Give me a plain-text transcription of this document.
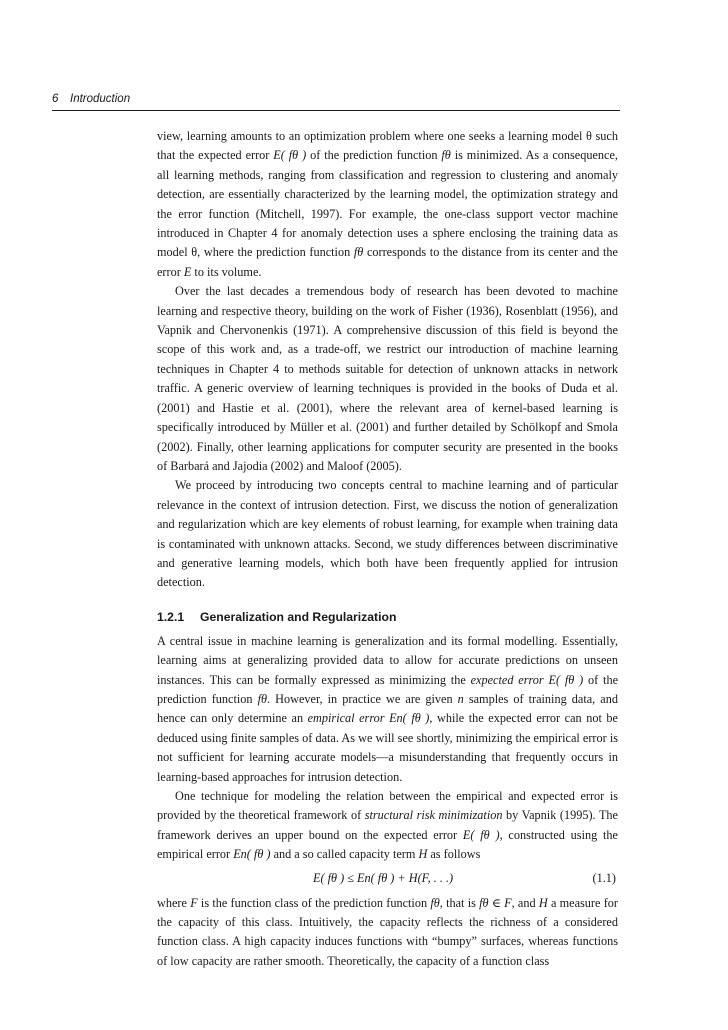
6 Introduction

view, learning amounts to an optimization problem where one seeks a learning model θ such that the expected error E( fθ ) of the prediction function fθ is minimized. As a consequence, all learning methods, ranging from classification and regression to clustering and anomaly detection, are essentially characterized by the learning model, the optimization strategy and the error function (Mitchell, 1997). For example, the one-class support vector machine introduced in Chapter 4 for anomaly detection uses a sphere enclosing the training data as model θ, where the prediction function fθ corresponds to the distance from its center and the error E to its volume.

Over the last decades a tremendous body of research has been devoted to machine learning and respective theory, building on the work of Fisher (1936), Rosenblatt (1956), and Vapnik and Chervonenkis (1971). A comprehensive discussion of this field is beyond the scope of this work and, as a trade-off, we restrict our introduction of machine learning techniques in Chapter 4 to methods suitable for detection of unknown attacks in network traffic. A generic overview of learning techniques is provided in the books of Duda et al. (2001) and Hastie et al. (2001), where the relevant area of kernel-based learning is specifically introduced by Müller et al. (2001) and further detailed by Schölkopf and Smola (2002). Finally, other learning applications for computer security are presented in the books of Barbará and Jajodia (2002) and Maloof (2005).

We proceed by introducing two concepts central to machine learning and of particular relevance in the context of intrusion detection. First, we discuss the notion of generalization and regularization which are key elements of robust learning, for example when training data is contaminated with unknown attacks. Second, we study differences between discriminative and generative learning models, which both have been frequently applied for intrusion detection.

1.2.1 Generalization and Regularization

A central issue in machine learning is generalization and its formal modelling. Essentially, learning aims at generalizing provided data to allow for accurate predictions on unseen instances. This can be formally expressed as minimizing the expected error E( fθ ) of the prediction function fθ. However, in practice we are given n samples of training data, and hence can only determine an empirical error En( fθ ), while the expected error can not be deduced using finite samples of data. As we will see shortly, minimizing the empirical error is not sufficient for learning accurate models—a misunderstanding that frequently occurs in learning-based approaches for intrusion detection.

One technique for modeling the relation between the empirical and expected error is provided by the theoretical framework of structural risk minimization by Vapnik (1995). The framework derives an upper bound on the expected error E( fθ ), constructed using the empirical error En( fθ ) and a so called capacity term H as follows

E( fθ ) ≤ En( fθ ) + H(F, . . .)	(1.1)

where F is the function class of the prediction function fθ, that is fθ ∈ F, and H a measure for the capacity of this class. Intuitively, the capacity reflects the richness of a considered function class. A high capacity induces functions with “bumpy” surfaces, whereas functions of low capacity are rather smooth. Theoretically, the capacity of a function class
